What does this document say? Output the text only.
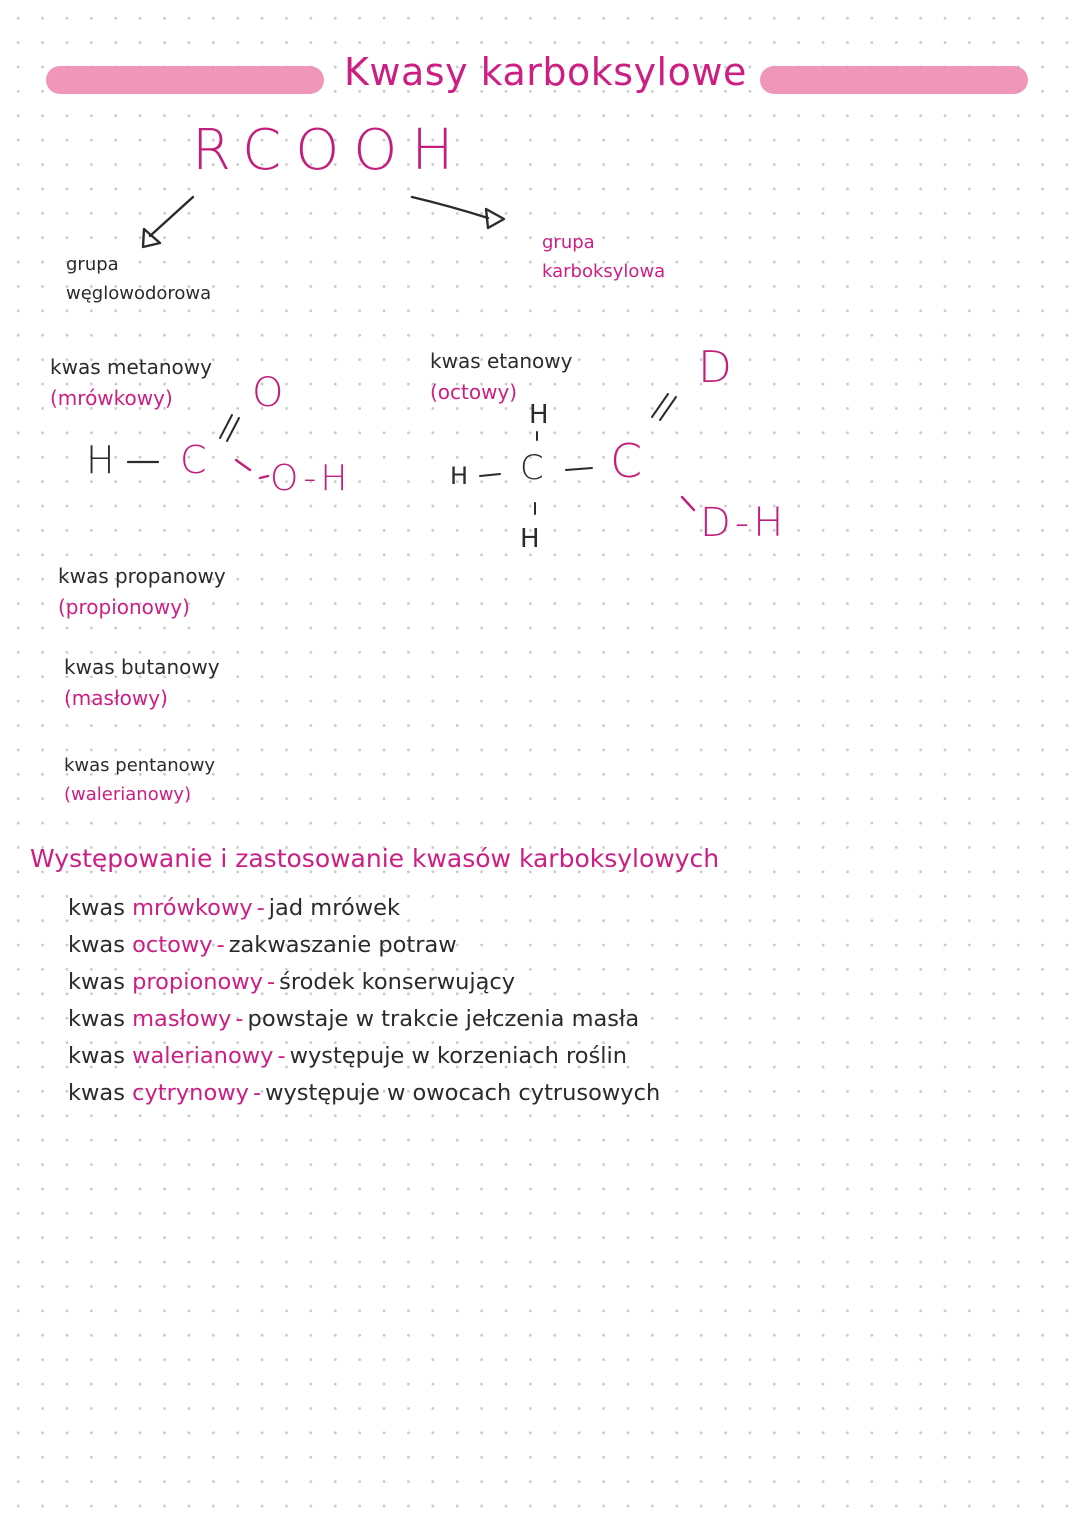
Kwasy karboksylowe
RCOOH
grupa
węglowodorowa
grupa
karboksylowa
kwas metanowy
(mrówkowy)
H C
O
O-H
kwas etanowy
(octowy)
H
H C
H
C
D
D-H
kwas propanowy
(propionowy)
kwas butanowy
(masłowy)
kwas pentanowy
(walerianowy)
Występowanie i zastosowanie kwasów karboksylowych
kwas mrówkowy - jad mrówek
kwas octowy - zakwaszanie potraw
kwas propionowy - środek konserwujący
kwas masłowy - powstaje w trakcie jełczenia masła
kwas walerianowy - występuje w korzeniach roślin
kwas cytrynowy - występuje w owocach cytrusowych
